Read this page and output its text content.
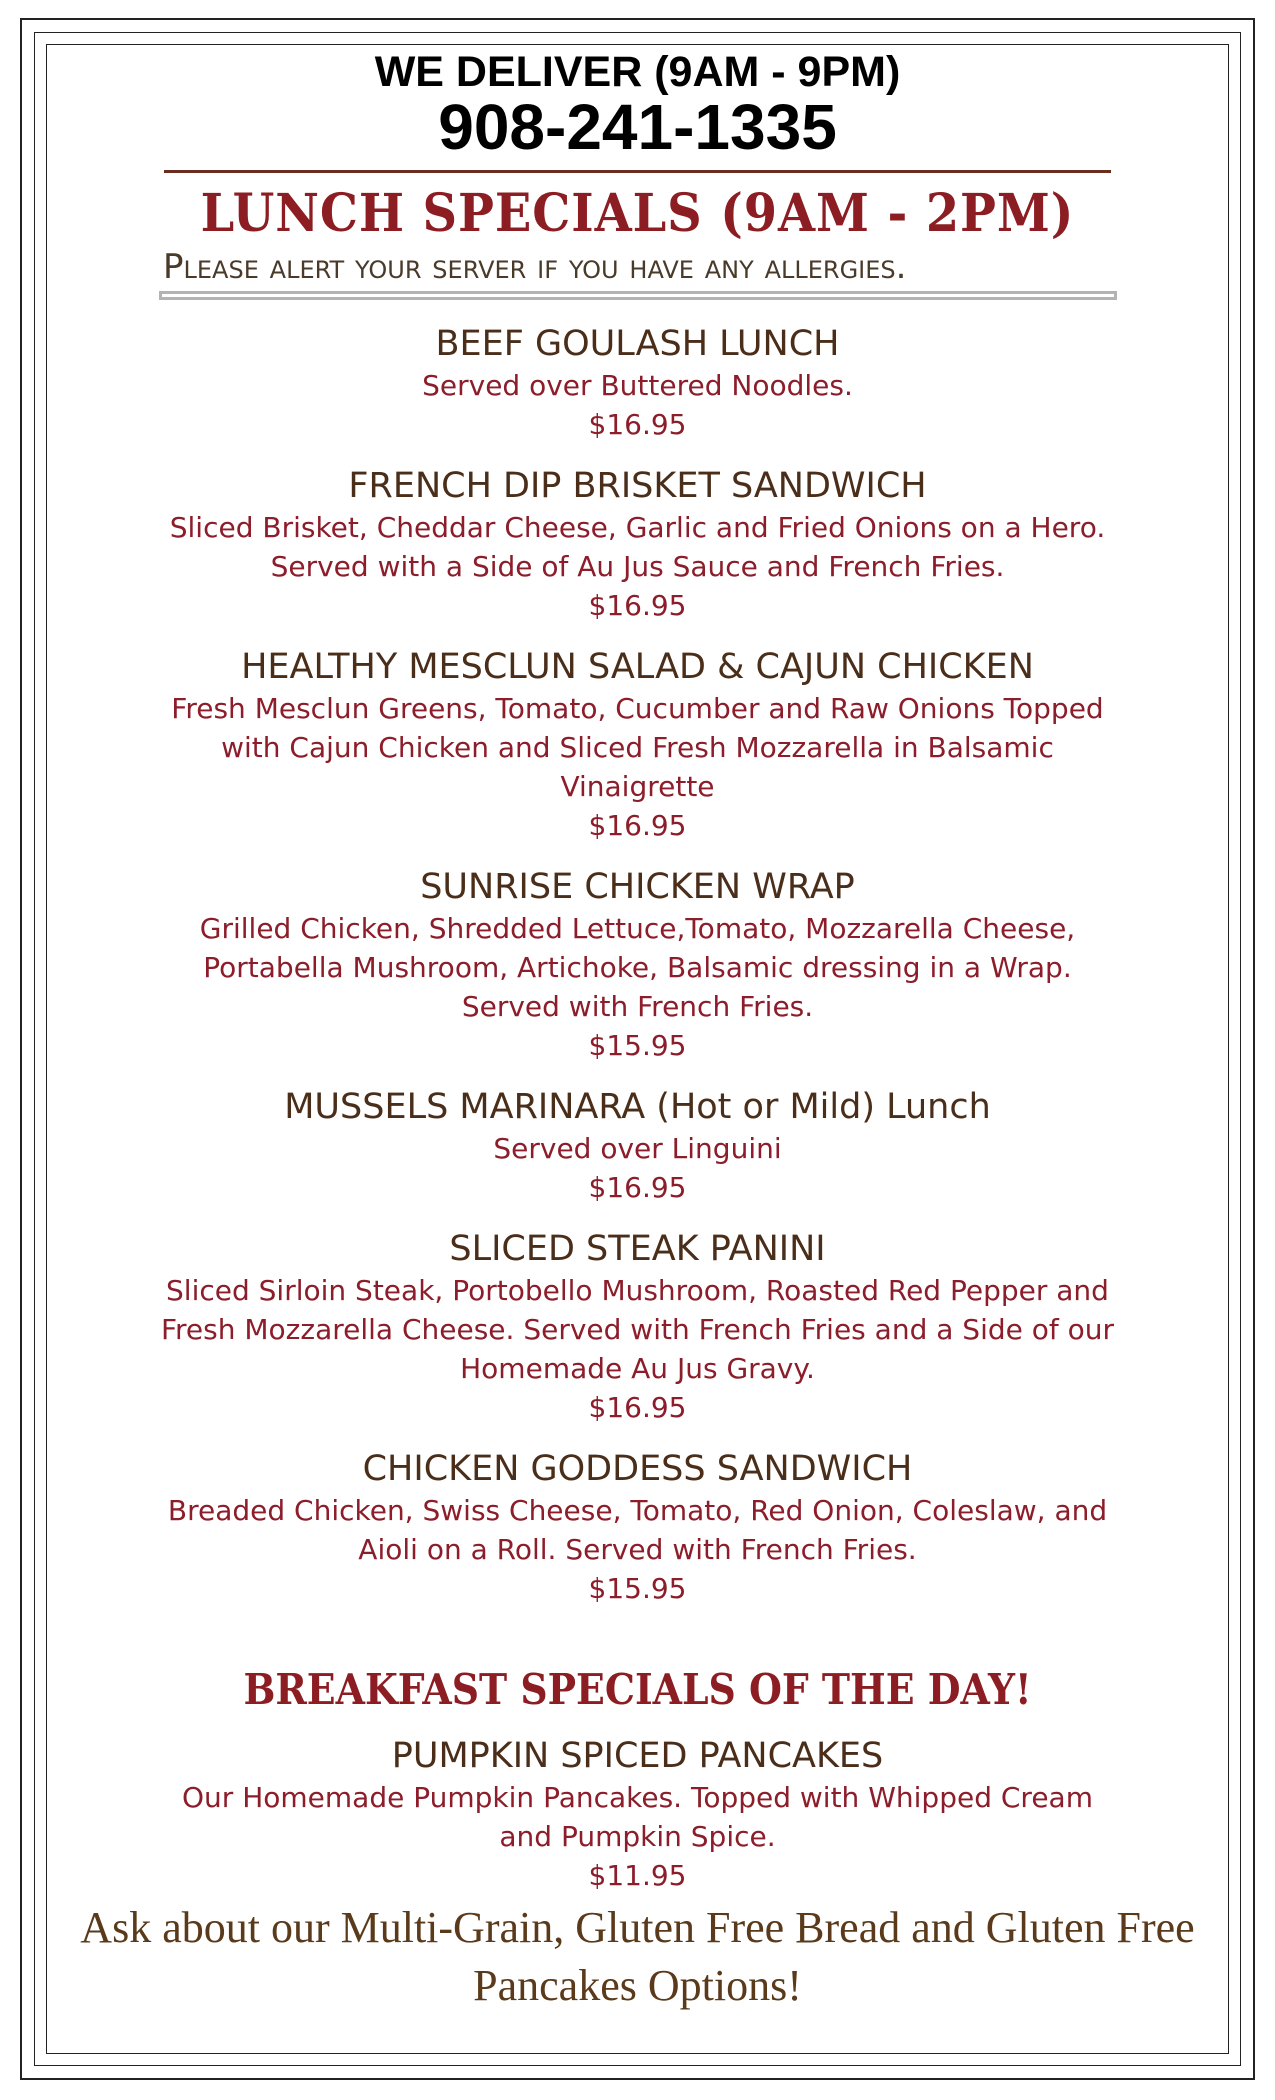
WE DELIVER (9AM - 9PM)
908-241-1335
LUNCH SPECIALS (9AM - 2PM)
Please alert your server if you have any allergies.
BEEF GOULASH LUNCH
Served over Buttered Noodles.
$16.95
FRENCH DIP BRISKET SANDWICH
Sliced Brisket, Cheddar Cheese, Garlic and Fried Onions on a Hero. Served with a Side of Au Jus Sauce and French Fries.
$16.95
HEALTHY MESCLUN SALAD & CAJUN CHICKEN
Fresh Mesclun Greens, Tomato, Cucumber and Raw Onions Topped with Cajun Chicken and Sliced Fresh Mozzarella in Balsamic Vinaigrette
$16.95
SUNRISE CHICKEN WRAP
Grilled Chicken, Shredded Lettuce,Tomato, Mozzarella Cheese, Portabella Mushroom, Artichoke, Balsamic dressing in a Wrap. Served with French Fries.
$15.95
MUSSELS MARINARA (Hot or Mild) Lunch
Served over Linguini
$16.95
SLICED STEAK PANINI
Sliced Sirloin Steak, Portobello Mushroom, Roasted Red Pepper and Fresh Mozzarella Cheese. Served with French Fries and a Side of our Homemade Au Jus Gravy.
$16.95
CHICKEN GODDESS SANDWICH
Breaded Chicken, Swiss Cheese, Tomato, Red Onion, Coleslaw, and Aioli on a Roll. Served with French Fries.
$15.95
BREAKFAST SPECIALS OF THE DAY!
PUMPKIN SPICED PANCAKES
Our Homemade Pumpkin Pancakes. Topped with Whipped Cream and Pumpkin Spice.
$11.95
Ask about our Multi-Grain, Gluten Free Bread and Gluten Free Pancakes Options!
